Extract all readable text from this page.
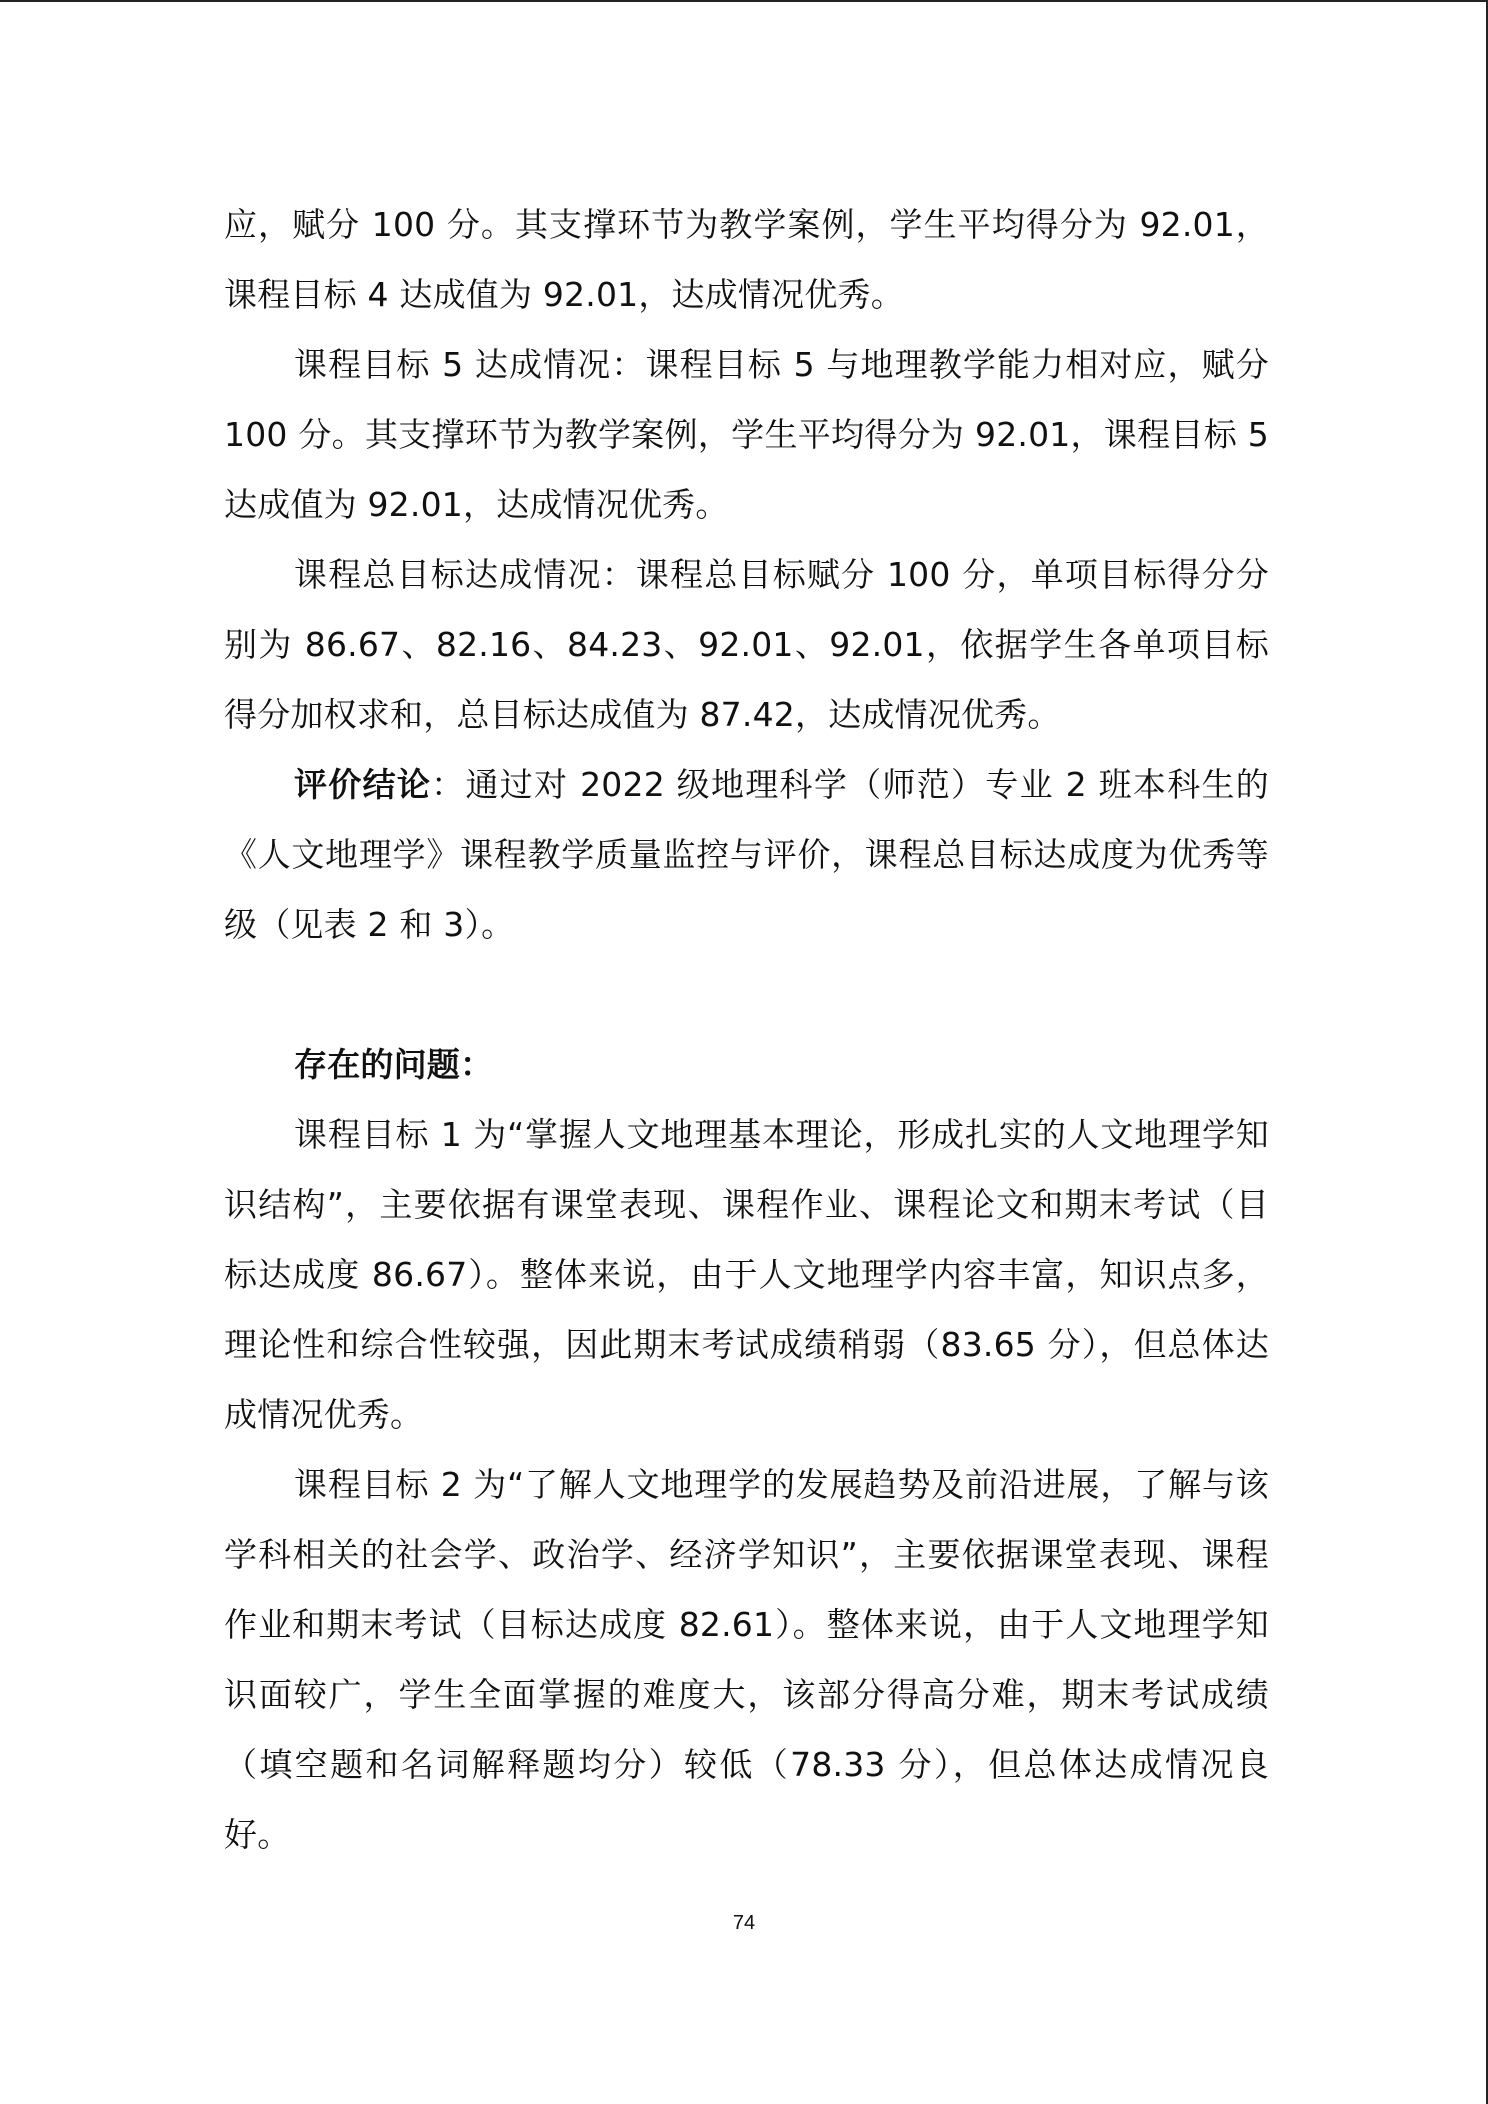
应，赋分 100 分。其支撑环节为教学案例，学生平均得分为 92.01，课程目标 4 达成值为 92.01，达成情况优秀。

课程目标 5 达成情况：课程目标 5 与地理教学能力相对应，赋分 100 分。其支撑环节为教学案例，学生平均得分为 92.01，课程目标 5 达成值为 92.01，达成情况优秀。

课程总目标达成情况：课程总目标赋分 100 分，单项目标得分分别为 86.67、82.16、84.23、92.01、92.01，依据学生各单项目标得分加权求和，总目标达成值为 87.42，达成情况优秀。

评价结论：通过对 2022 级地理科学（师范）专业 2 班本科生的《人文地理学》课程教学质量监控与评价，课程总目标达成度为优秀等级（见表 2 和 3）。

存在的问题：

课程目标 1 为“掌握人文地理基本理论，形成扎实的人文地理学知识结构”，主要依据有课堂表现、课程作业、课程论文和期末考试（目标达成度 86.67）。整体来说，由于人文地理学内容丰富，知识点多，理论性和综合性较强，因此期末考试成绩稍弱（83.65 分），但总体达成情况优秀。

课程目标 2 为“了解人文地理学的发展趋势及前沿进展，了解与该学科相关的社会学、政治学、经济学知识”，主要依据课堂表现、课程作业和期末考试（目标达成度 82.61）。整体来说，由于人文地理学知识面较广，学生全面掌握的难度大，该部分得高分难，期末考试成绩（填空题和名词解释题均分）较低（78.33 分），但总体达成情况良好。

74
